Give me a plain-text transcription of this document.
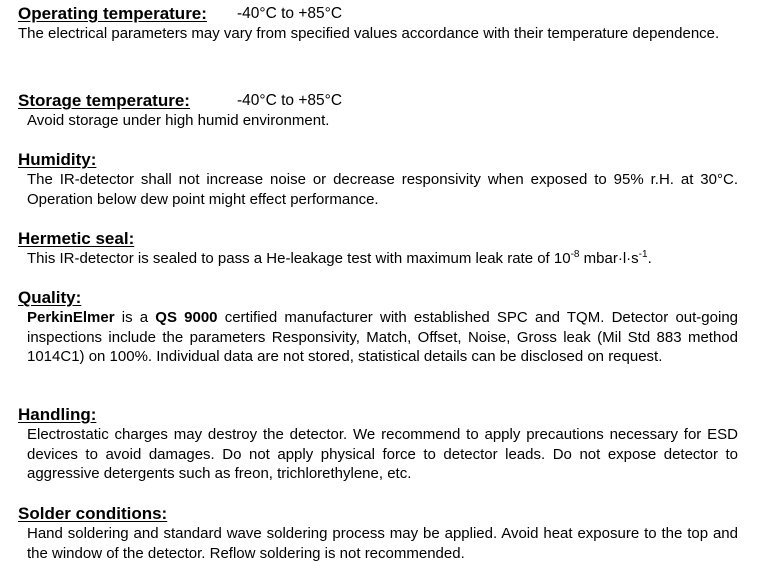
Operating temperature:	-40°C to +85°C
The electrical parameters may vary from specified values accordance with their temperature dependence.
Storage temperature:	-40°C to +85°C
Avoid storage under high humid environment.
Humidity:
The IR-detector shall not increase noise or decrease responsivity when exposed to 95% r.H. at 30°C. Operation below dew point might effect performance.
Hermetic seal:
This IR-detector is sealed to pass a He-leakage test with maximum leak rate of $10^{-8}$ $mbar\cdot l\cdot s^{-1}$.
Quality:
PerkinElmer is a QS 9000 certified manufacturer with established SPC and TQM. Detector out-going inspections include the parameters Responsivity, Match, Offset, Noise, Gross leak (Mil Std 883 method 1014C1) on 100%. Individual data are not stored, statistical details can be disclosed on request.
Handling:
Electrostatic charges may destroy the detector. We recommend to apply precautions necessary for ESD devices to avoid damages. Do not apply physical force to detector leads. Do not expose detector to aggressive detergents such as freon, trichlorethylene, etc.
Solder conditions:
Hand soldering and standard wave soldering process may be applied. Avoid heat exposure to the top and the window of the detector. Reflow soldering is not recommended.
